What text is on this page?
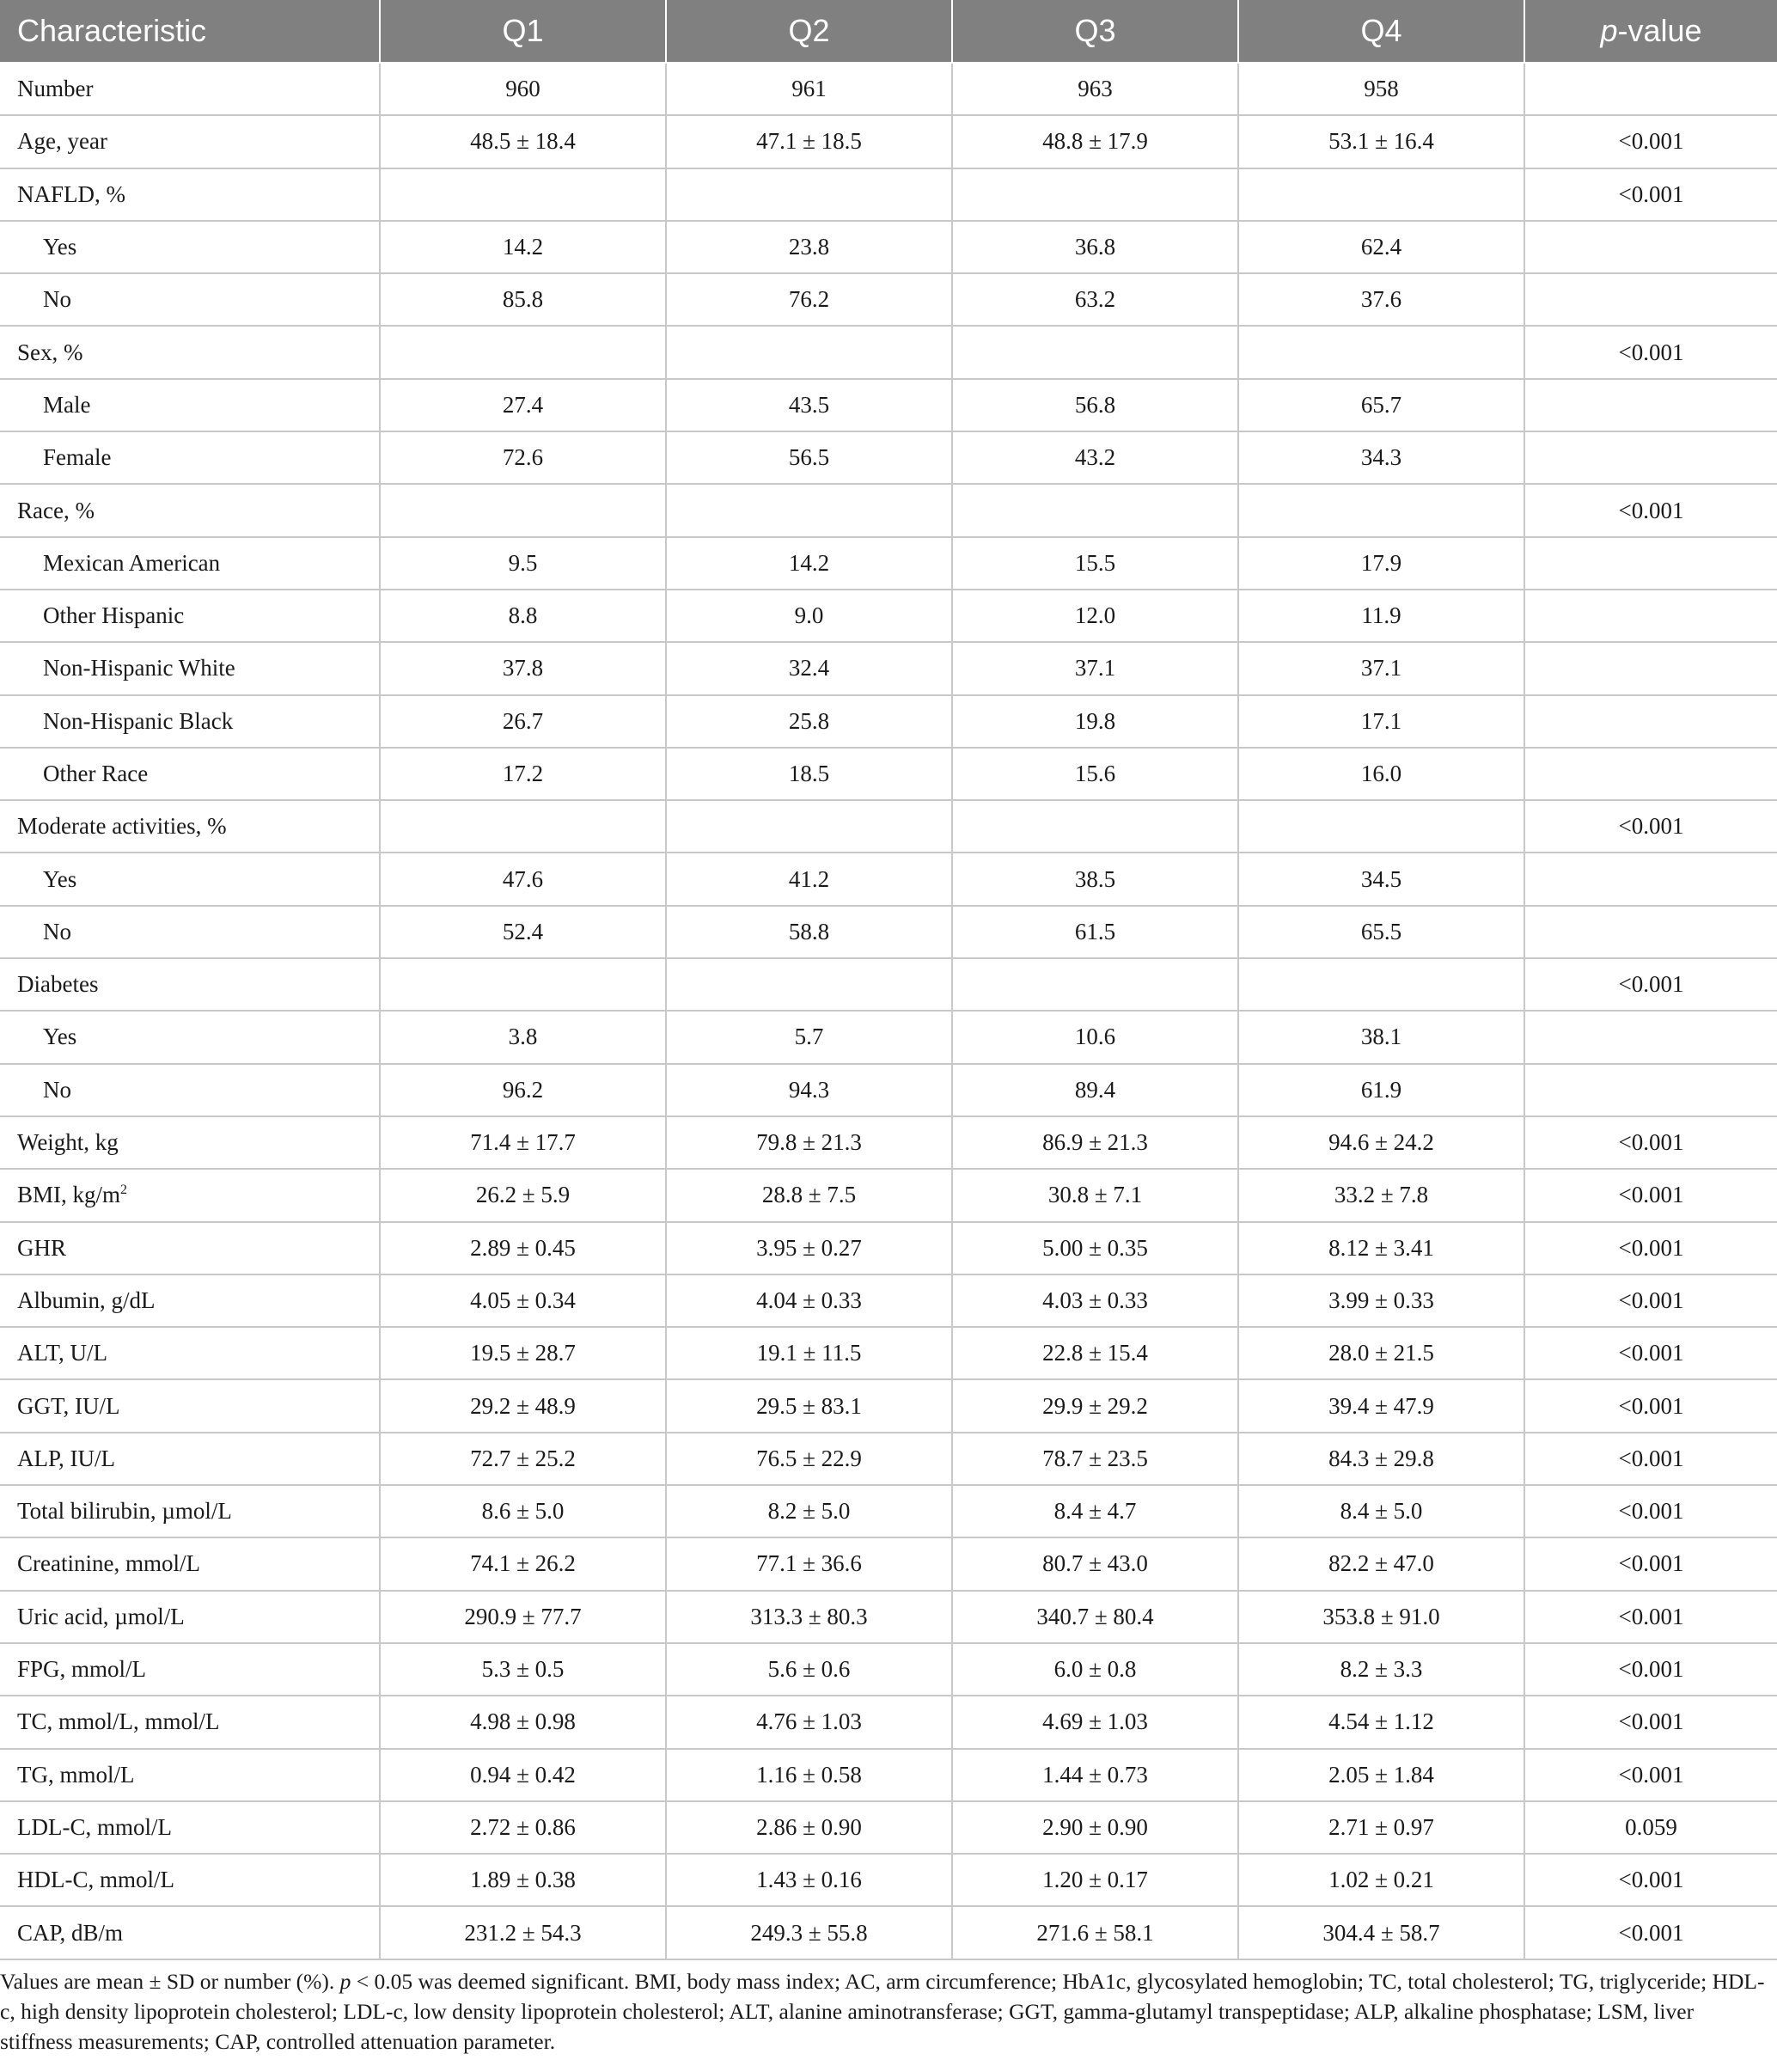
Characteristic	Q1	Q2	Q3	Q4	p-value
Number	960	961	963	958	
Age, year	48.5 ± 18.4	47.1 ± 18.5	48.8 ± 17.9	53.1 ± 16.4	<0.001
NAFLD, %					<0.001
Yes	14.2	23.8	36.8	62.4	
No	85.8	76.2	63.2	37.6	
Sex, %					<0.001
Male	27.4	43.5	56.8	65.7	
Female	72.6	56.5	43.2	34.3	
Race, %					<0.001
Mexican American	9.5	14.2	15.5	17.9	
Other Hispanic	8.8	9.0	12.0	11.9	
Non-Hispanic White	37.8	32.4	37.1	37.1	
Non-Hispanic Black	26.7	25.8	19.8	17.1	
Other Race	17.2	18.5	15.6	16.0	
Moderate activities, %					<0.001
Yes	47.6	41.2	38.5	34.5	
No	52.4	58.8	61.5	65.5	
Diabetes					<0.001
Yes	3.8	5.7	10.6	38.1	
No	96.2	94.3	89.4	61.9	
Weight, kg	71.4 ± 17.7	79.8 ± 21.3	86.9 ± 21.3	94.6 ± 24.2	<0.001
BMI, $kg/m^2$	26.2 ± 5.9	28.8 ± 7.5	30.8 ± 7.1	33.2 ± 7.8	<0.001
GHR	2.89 ± 0.45	3.95 ± 0.27	5.00 ± 0.35	8.12 ± 3.41	<0.001
Albumin, g/dL	4.05 ± 0.34	4.04 ± 0.33	4.03 ± 0.33	3.99 ± 0.33	<0.001
ALT, U/L	19.5 ± 28.7	19.1 ± 11.5	22.8 ± 15.4	28.0 ± 21.5	<0.001
GGT, IU/L	29.2 ± 48.9	29.5 ± 83.1	29.9 ± 29.2	39.4 ± 47.9	<0.001
ALP, IU/L	72.7 ± 25.2	76.5 ± 22.9	78.7 ± 23.5	84.3 ± 29.8	<0.001
Total bilirubin, µmol/L	8.6 ± 5.0	8.2 ± 5.0	8.4 ± 4.7	8.4 ± 5.0	<0.001
Creatinine, mmol/L	74.1 ± 26.2	77.1 ± 36.6	80.7 ± 43.0	82.2 ± 47.0	<0.001
Uric acid, µmol/L	290.9 ± 77.7	313.3 ± 80.3	340.7 ± 80.4	353.8 ± 91.0	<0.001
FPG, mmol/L	5.3 ± 0.5	5.6 ± 0.6	6.0 ± 0.8	8.2 ± 3.3	<0.001
TC, mmol/L, mmol/L	4.98 ± 0.98	4.76 ± 1.03	4.69 ± 1.03	4.54 ± 1.12	<0.001
TG, mmol/L	0.94 ± 0.42	1.16 ± 0.58	1.44 ± 0.73	2.05 ± 1.84	<0.001
LDL-C, mmol/L	2.72 ± 0.86	2.86 ± 0.90	2.90 ± 0.90	2.71 ± 0.97	0.059
HDL-C, mmol/L	1.89 ± 0.38	1.43 ± 0.16	1.20 ± 0.17	1.02 ± 0.21	<0.001
CAP, dB/m	231.2 ± 54.3	249.3 ± 55.8	271.6 ± 58.1	304.4 ± 58.7	<0.001
Values are mean ± SD or number (%). p < 0.05 was deemed significant. BMI, body mass index; AC, arm circumference; HbA1c, glycosylated hemoglobin; TC, total cholesterol; TG, triglyceride; HDL-c, high density lipoprotein cholesterol; LDL-c, low density lipoprotein cholesterol; ALT, alanine aminotransferase; GGT, gamma-glutamyl transpeptidase; ALP, alkaline phosphatase; LSM, liver stiffness measurements; CAP, controlled attenuation parameter.
